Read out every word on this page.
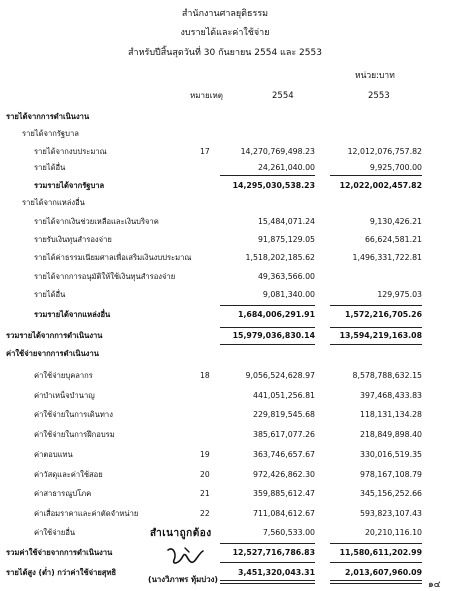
สำนักงานศาลยุติธรรม
งบรายได้และค่าใช้จ่าย
สำหรับปีสิ้นสุดวันที่ 30 กันยายน 2554 และ 2553
หน่วย:บาท
หมายเหตุ	2554	2553
รายได้จากการดำเนินงาน
รายได้จากรัฐบาล
รายได้จากงบประมาณ	17	14,270,769,498.23	12,012,076,757.82
รายได้อื่น	24,261,040.00	9,925,700.00
รวมรายได้จากรัฐบาล	14,295,030,538.23	12,022,002,457.82
รายได้จากแหล่งอื่น
รายได้จากเงินช่วยเหลือและเงินบริจาค	15,484,071.24	9,130,426.21
รายรับเงินทุนสำรองจ่าย	91,875,129.05	66,624,581.21
รายได้ค่าธรรมเนียมศาลเพื่อเสริมเงินงบประมาณ	1,518,202,185.62	1,496,331,722.81
รายได้จากการอนุมัติให้ใช้เงินทุนสำรองจ่าย	49,363,566.00
รายได้อื่น	9,081,340.00	129,975.03
รวมรายได้จากแหล่งอื่น	1,684,006,291.91	1,572,216,705.26
รวมรายได้จากการดำเนินงาน	15,979,036,830.14	13,594,219,163.08
ค่าใช้จ่ายจากการดำเนินงาน
ค่าใช้จ่ายบุคลากร	18	9,056,524,628.97	8,578,788,632.15
ค่าบำเหน็จบำนาญ	441,051,256.81	397,468,433.83
ค่าใช้จ่ายในการเดินทาง	229,819,545.68	118,131,134.28
ค่าใช้จ่ายในการฝึกอบรม	385,617,077.26	218,849,898.40
ค่าตอบแทน	19	363,746,657.67	330,016,519.35
ค่าวัสดุและค่าใช้สอย	20	972,426,862.30	978,167,108.79
ค่าสาธารณูปโภค	21	359,885,612.47	345,156,252.66
ค่าเสื่อมราคาและค่าตัดจำหน่าย	22	711,084,612.67	593,823,107.43
ค่าใช้จ่ายอื่น	7,560,533.00	20,210,116.10
รวมค่าใช้จ่ายจากการดำเนินงาน	12,527,716,786.83	11,580,611,202.99
รายได้สูง (ต่ำ) กว่าค่าใช้จ่ายสุทธิ	3,451,320,043.31	2,013,607,960.09
สำเนาถูกต้อง
(นางวิภาพร ทุ้มบ่วง)
๑๔
